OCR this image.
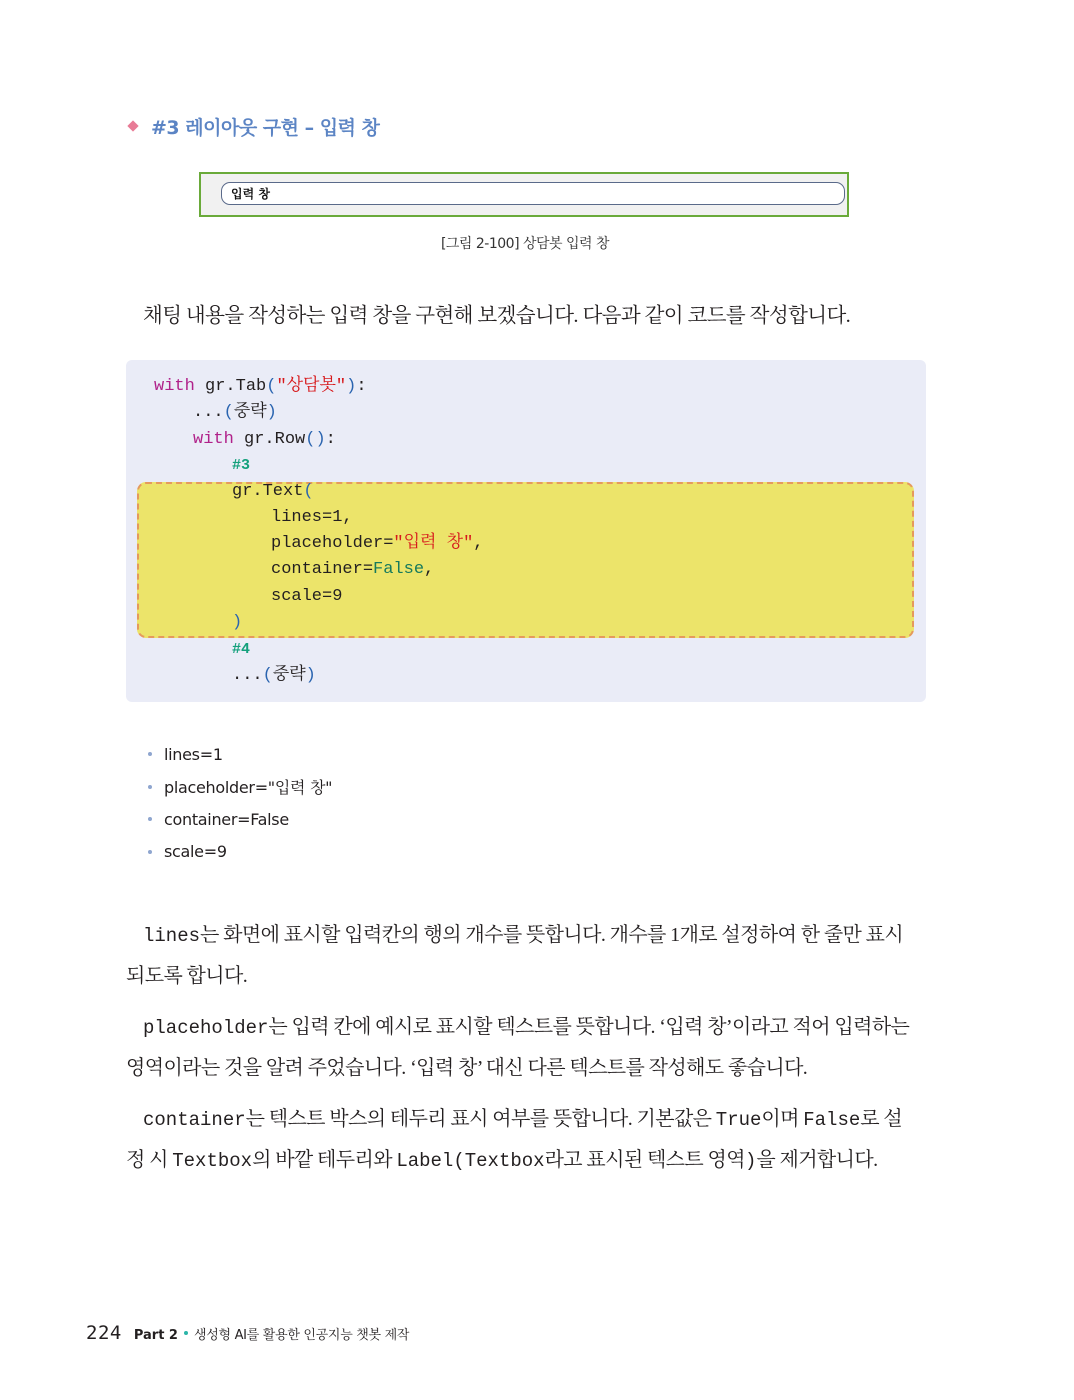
#3 레이아웃 구현 – 입력 창
입력 창
[그림 2-100] 상담봇 입력 창
채팅 내용을 작성하는 입력 창을 구현해 보겠습니다. 다음과 같이 코드를 작성합니다.
with gr.Tab("상담봇"):
...(중략)
with gr.Row():
#3
gr.Text(
lines=1,
placeholder="입력 창",
container=False,
scale=9
)
#4
...(중략)
lines=1
placeholder="입력 창"
container=False
scale=9
lines는 화면에 표시할 입력칸의 행의 개수를 뜻합니다. 개수를 1개로 설정하여 한 줄만 표시
되도록 합니다.
placeholder는 입력 칸에 예시로 표시할 텍스트를 뜻합니다. ‘입력 창’이라고 적어 입력하는
영역이라는 것을 알려 주었습니다. ‘입력 창’ 대신 다른 텍스트를 작성해도 좋습니다.
container는 텍스트 박스의 테두리 표시 여부를 뜻합니다. 기본값은 True이며 False로 설
정 시 Textbox의 바깥 테두리와 Label(Textbox라고 표시된 텍스트 영역)을 제거합니다.
224 Part 2 생성형 AI를 활용한 인공지능 챗봇 제작
